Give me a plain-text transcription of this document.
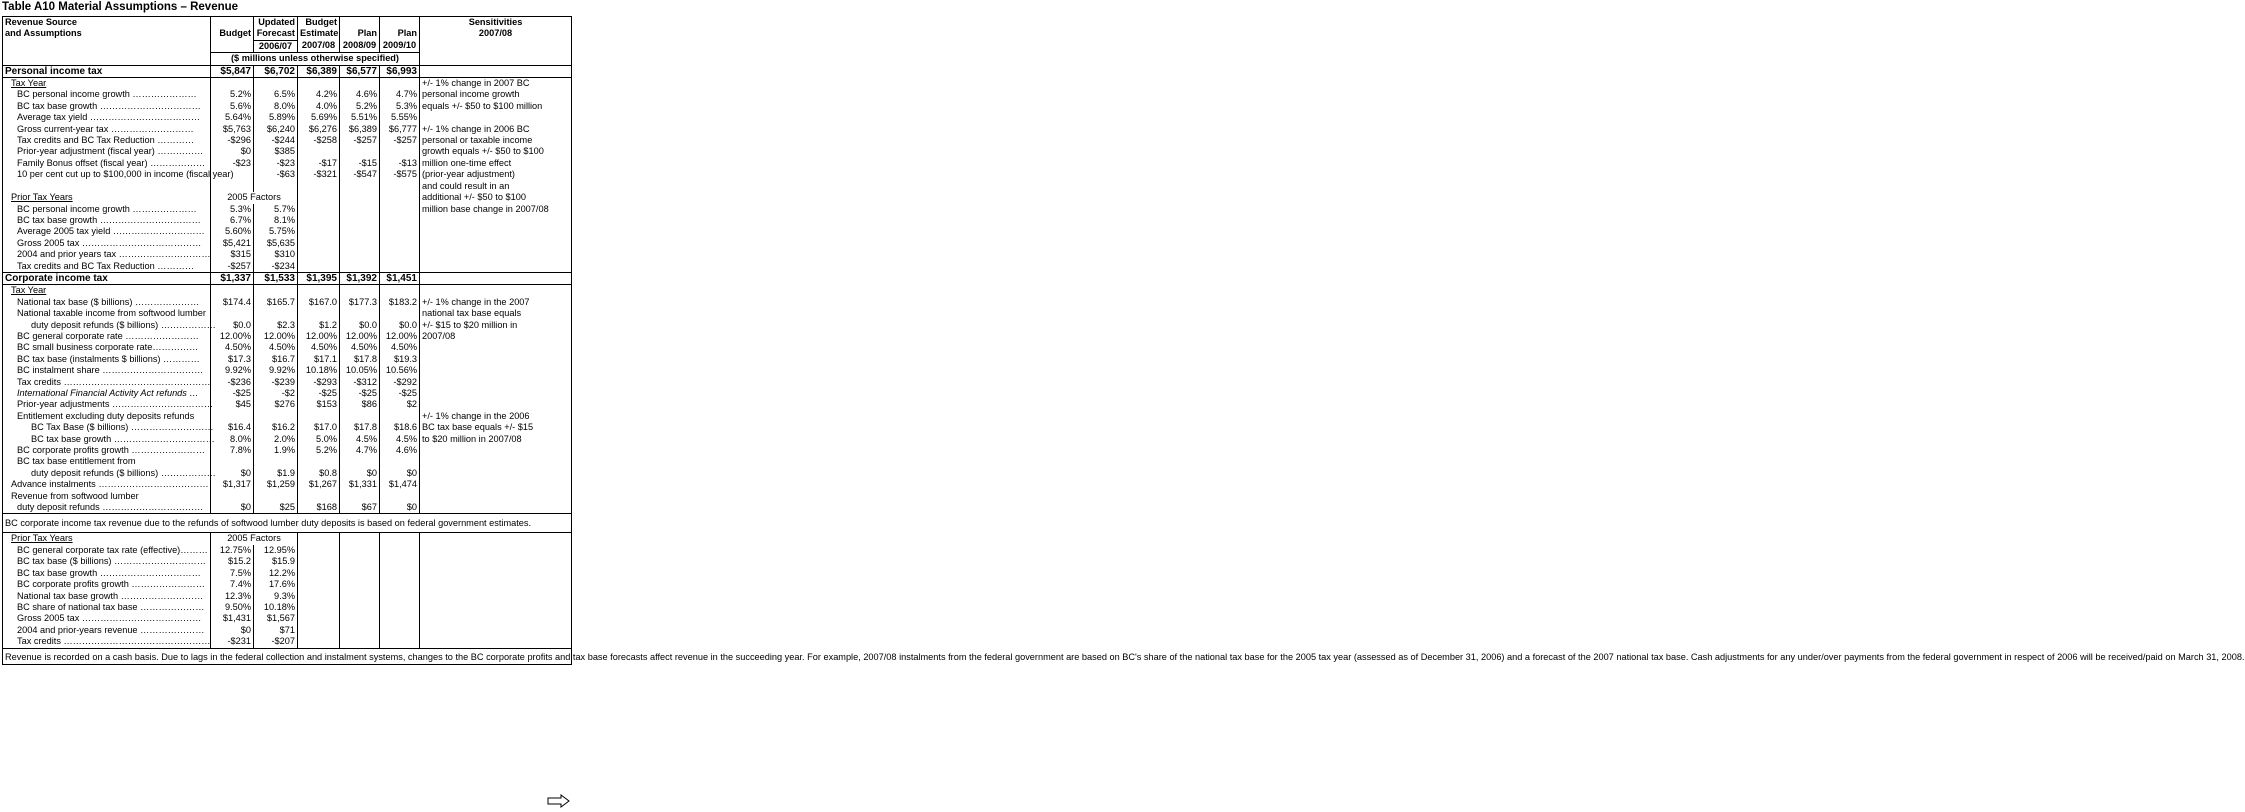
Table A10 Material Assumptions – Revenue
Revenue Source		Updated	Budget			Sensitivities
and Assumptions	Budget	Forecast	Estimate	Plan	Plan	2007/08
		2006/07	2007/08	2008/09	2009/10	
	($ millions unless otherwise specified)					
Personal income tax	$5,847	$6,702	$6,389	$6,577	$6,993	
Tax Year						+/- 1% change in 2007 BC
BC personal income growth …………………	5.2%	6.5%	4.2%	4.6%	4.7%	personal income growth
BC tax base growth ……………………………	5.6%	8.0%	4.0%	5.2%	5.3%	equals +/- $50 to $100 million
Average tax yield ………………………………	5.64%	5.89%	5.69%	5.51%	5.55%	
Gross current-year tax ………………………	$5,763	$6,240	$6,276	$6,389	$6,777	+/- 1% change in 2006 BC
Tax credits and BC Tax Reduction …………	-$296	-$244	-$258	-$257	-$257	personal or taxable income
Prior-year adjustment (fiscal year) ……………	$0	$385				growth equals +/- $50 to $100
Family Bonus offset (fiscal year) ………………	-$23	-$23	-$17	-$15	-$13	million one-time effect
10 per cent cut up to $100,000 in income (fiscal year)		-$63	-$321	-$547	-$575	(prior-year adjustment)
						and could result in an
Prior Tax Years	2005 Factors					additional +/- $50 to $100
BC personal income growth …………………	5.3%	5.7%				million base change in 2007/08
BC tax base growth ……………………………	6.7%	8.1%				
Average 2005 tax yield …………………………	5.60%	5.75%				
Gross 2005 tax …………………………………	$5,421	$5,635				
2004 and prior years tax …………………………	$315	$310				
Tax credits and BC Tax Reduction …………	-$257	-$234				
Corporate income tax	$1,337	$1,533	$1,395	$1,392	$1,451	
Tax Year						
National tax base ($ billions) …………………	$174.4	$165.7	$167.0	$177.3	$183.2	+/- 1% change in the 2007
National taxable income from softwood lumber						national tax base equals
duty deposit refunds ($ billions) ………………	$0.0	$2.3	$1.2	$0.0	$0.0	+/- $15 to $20 million in
BC general corporate rate ……………………	12.00%	12.00%	12.00%	12.00%	12.00%	2007/08
BC small business corporate rate……………	4.50%	4.50%	4.50%	4.50%	4.50%	
BC tax base (instalments $ billions) …………	$17.3	$16.7	$17.1	$17.8	$19.3	
BC instalment share ……………………………	9.92%	9.92%	10.18%	10.05%	10.56%	
Tax credits …………………………………………	-$236	-$239	-$293	-$312	-$292	
International Financial Activity Act refunds …	-$25	-$2	-$25	-$25	-$25	
Prior-year adjustments ……………………………	$45	$276	$153	$86	$2	
Entitlement excluding duty deposits refunds						+/- 1% change in the 2006
BC Tax Base ($ billions) ………………………	$16.4	$16.2	$17.0	$17.8	$18.6	BC tax base equals +/- $15
BC tax base growth ……………………………	8.0%	2.0%	5.0%	4.5%	4.5%	to $20 million in 2007/08
BC corporate profits growth ……………………	7.8%	1.9%	5.2%	4.7%	4.6%	
BC tax base entitlement from						
duty deposit refunds ($ billions) ………………	$0	$1.9	$0.8	$0	$0	
Advance instalments ………………………………	$1,317	$1,259	$1,267	$1,331	$1,474	
Revenue from softwood lumber						
duty deposit refunds ……………………………	$0	$25	$168	$67	$0	
BC corporate income tax revenue due to the refunds of softwood lumber duty deposits is based on federal government estimates.						
Prior Tax Years	2005 Factors					
BC general corporate tax rate (effective)………	12.75%	12.95%				
BC tax base ($ billions) …………………………	$15.2	$15.9				
BC tax base growth ……………………………	7.5%	12.2%				
BC corporate profits growth ……………………	7.4%	17.6%				
National tax base growth ………………………	12.3%	9.3%				
BC share of national tax base …………………	9.50%	10.18%				
Gross 2005 tax …………………………………	$1,431	$1,567				
2004 and prior-years revenue …………………	$0	$71				
Tax credits …………………………………………	-$231	-$207				
Revenue is recorded on a cash basis. Due to lags in the federal collection and instalment systems, changes to the BC corporate profits and tax base forecasts affect revenue in the succeeding year. For example, 2007/08 instalments from the federal government are based on BC's share of the national tax base for the 2005 tax year (assessed as of December 31, 2006) and a forecast of the 2007 national tax base. Cash adjustments for any under/over payments from the federal government in respect of 2006 will be received/paid on March 31, 2008.						
